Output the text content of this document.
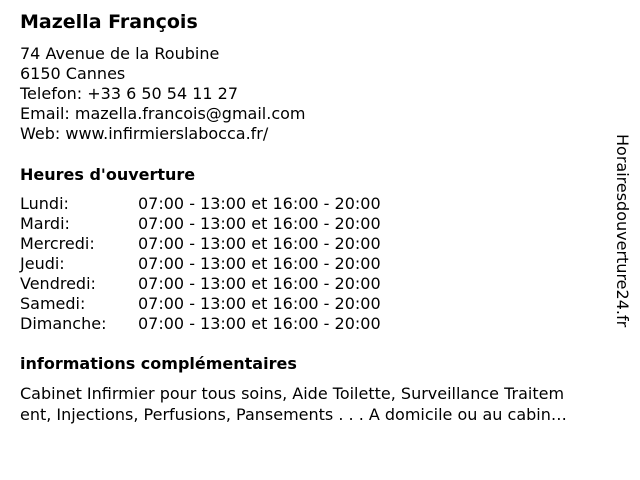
Mazella François
74 Avenue de la Roubine
6150 Cannes
Telefon: +33 6 50 54 11 27
Email: mazella.francois@gmail.com
Web: www.infirmierslabocca.fr/
Heures d'ouverture
Lundi:	07:00 - 13:00 et 16:00 - 20:00
Mardi:	07:00 - 13:00 et 16:00 - 20:00
Mercredi:	07:00 - 13:00 et 16:00 - 20:00
Jeudi:	07:00 - 13:00 et 16:00 - 20:00
Vendredi:	07:00 - 13:00 et 16:00 - 20:00
Samedi:	07:00 - 13:00 et 16:00 - 20:00
Dimanche:	07:00 - 13:00 et 16:00 - 20:00
informations complémentaires
Cabinet Infirmier pour tous soins, Aide Toilette, Surveillance Traitem
ent, Injections, Perfusions, Pansements . . . A domicile ou au cabin…
Horairesdouverture24.fr
